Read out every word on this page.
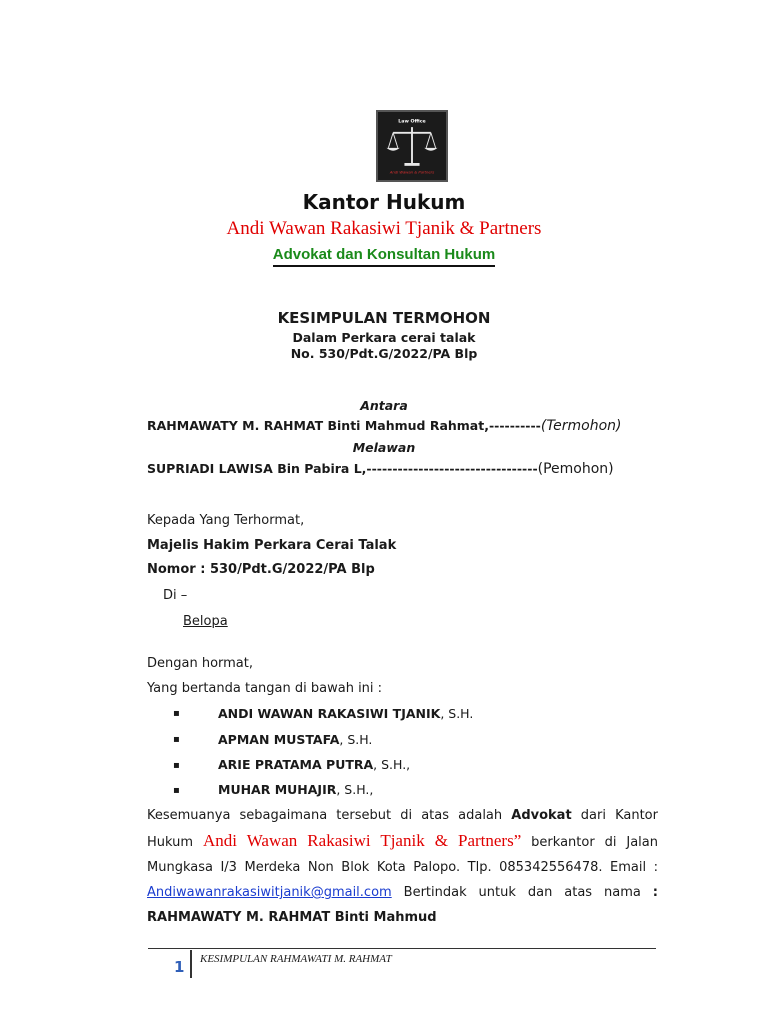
Law Office
Andi Wawan & Partners
Kantor Hukum
Andi Wawan Rakasiwi Tjanik & Partners
Advokat dan Konsultan Hukum
KESIMPULAN TERMOHON
Dalam Perkara cerai talak
No. 530/Pdt.G/2022/PA Blp
Antara
RAHMAWATY M. RAHMAT Binti Mahmud Rahmat,----------(Termohon)
Melawan
SUPRIADI LAWISA Bin Pabira L,---------------------------------(Pemohon)
Kepada Yang Terhormat,
Majelis Hakim Perkara Cerai Talak
Nomor : 530/Pdt.G/2022/PA Blp
Di –
Belopa
Dengan hormat,
Yang bertanda tangan di bawah ini :
▪	ANDI WAWAN RAKASIWI TJANIK, S.H.
▪	APMAN MUSTAFA, S.H.
▪	ARIE PRATAMA PUTRA, S.H.,
▪	MUHAR MUHAJIR, S.H.,
Kesemuanya sebagaimana tersebut di atas adalah Advokat dari Kantor Hukum Andi Wawan Rakasiwi Tjanik & Partners” berkantor di Jalan Mungkasa I/3 Merdeka Non Blok Kota Palopo. Tlp. 085342556478. Email : Andiwawanrakasiwitjanik@gmail.com Bertindak untuk dan atas nama : RAHMAWATY M. RAHMAT Binti Mahmud
1 KESIMPULAN RAHMAWATI M. RAHMAT
